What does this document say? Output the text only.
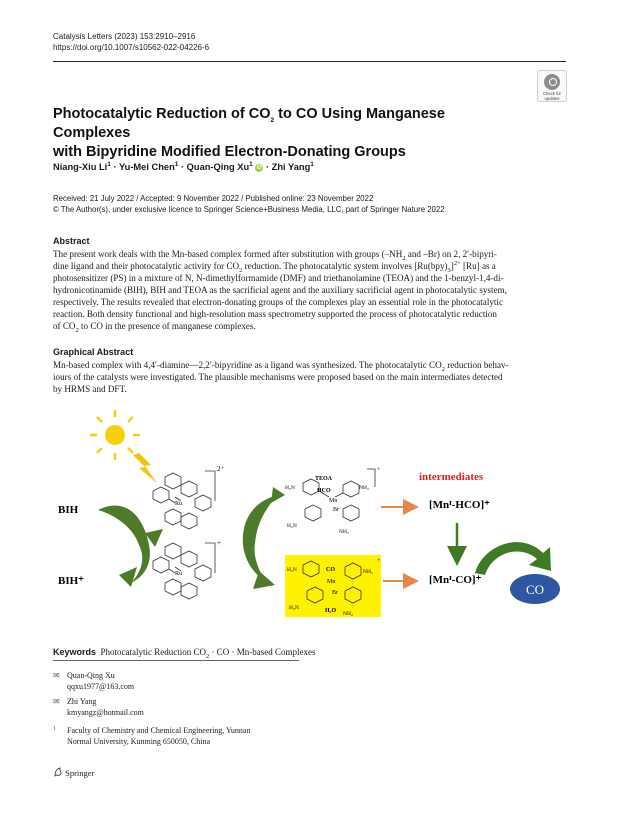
Catalysis Letters (2023) 153:2910–2916
https://doi.org/10.1007/s10562-022-04226-6
Check for
updates
Photocatalytic Reduction of $CO_2$ to CO Using Manganese Complexes
with Bipyridine Modified Electron‑Donating Groups
Niang‑Xiu $Li^1$ · Yu‑Mei Chen$^1$ · Quan‑Qing Xu$^1$ iD · Zhi Yang$^1$
Received: 21 July 2022 / Accepted: 9 November 2022 / Published online: 23 November 2022
© The Author(s), under exclusive licence to Springer Science+Business Media, LLC, part of Springer Nature 2022
Abstract
The present work deals with the Mn-based complex formed after substitution with groups ($-NH_2$ and –Br) on 2, 2′-bipyri-
dine ligand and their photocatalytic activity for $CO_2$ reduction. The photocatalytic system involves $[Ru(bpy)_3]^{2+}$ [Ru] as a
photosensitizer (PS) in a mixture of N, N-dimethylformamide (DMF) and triethanolamine (TEOA) and the 1-benzyl-1,4-di-
hydronicotinamide (BIH), BIH and TEOA as the sacrificial agent and the auxiliary sacrificial agent in photocatalytic system,
respectively. The results revealed that electron-donating groups of the complexes play an essential role in the photocatalytic
reaction. Both density functional and high-resolution mass spectrometry supported the process of photocatalytic reduction
of $CO_2$ to CO in the presence of manganese complexes.
Graphical Abstract
Mn-based complex with 4,4′-diamine—2,2′-bipyridine as a ligand was synthesized. The photocatalytic $CO_2$ reduction behav-
iours of the catalysts were investigated. The plausible mechanisms were proposed based on the main intermediates detected
by HRMS and DFT.
BIH
BIH⁺
Ru
2⁺
Ru
+
TEOA
HCO
Mn
Br
H₂N	NH₂
H₂N
NH₂
+
CO
Mn
Br
H₂O
H₂N	NH₂
H₂N
NH₂
+
intermediates
[Mnᴵ-HCO]⁺
[Mnᴵ-CO]⁺
CO
Keywords Photocatalytic Reduction $CO_2$ · CO · Mn-based Complexes
✉ Quan‑Qing Xu
qqxu1977@163.com
✉ Zhi Yang
kmyangz@hotmail.com
1 Faculty of Chemistry and Chemical Engineering, Yunnan
Normal University, Kunming 650050, China
Springer
